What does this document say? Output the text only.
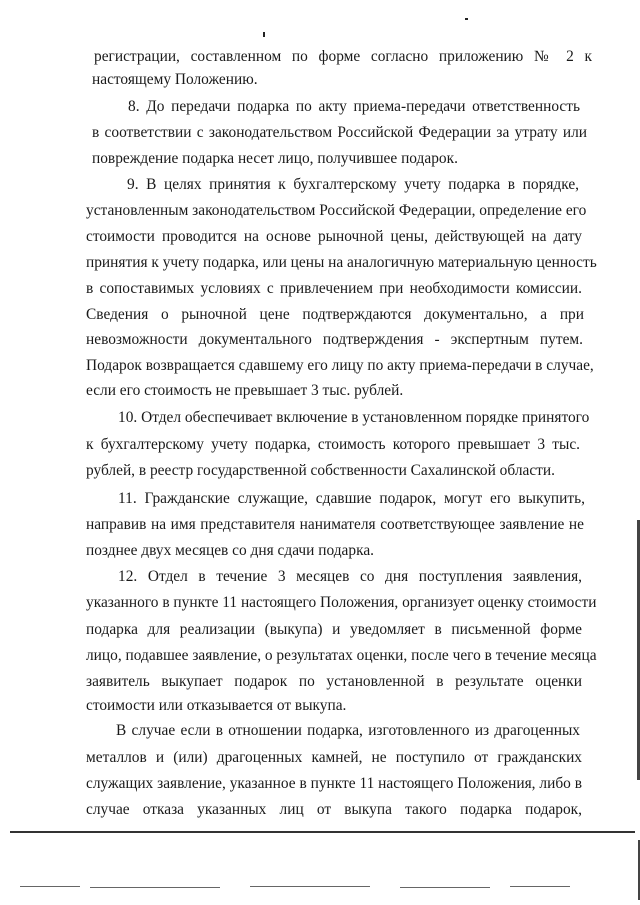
регистрации, составленном по форме согласно приложению № 2 к
настоящему Положению.
8. До передачи подарка по акту приема-передачи ответственность
в соответствии с законодательством Российской Федерации за утрату или
повреждение подарка несет лицо, получившее подарок.
9. В целях принятия к бухгалтерскому учету подарка в порядке,
установленным законодательством Российской Федерации, определение его
стоимости проводится на основе рыночной цены, действующей на дату
принятия к учету подарка, или цены на аналогичную материальную ценность
в сопоставимых условиях с привлечением при необходимости комиссии.
Сведения о рыночной цене подтверждаются документально, а при
невозможности документального подтверждения - экспертным путем.
Подарок возвращается сдавшему его лицу по акту приема-передачи в случае,
если его стоимость не превышает 3 тыс. рублей.
10. Отдел обеспечивает включение в установленном порядке принятого
к бухгалтерскому учету подарка, стоимость которого превышает 3 тыс.
рублей, в реестр государственной собственности Сахалинской области.
11. Гражданские служащие, сдавшие подарок, могут его выкупить,
направив на имя представителя нанимателя соответствующее заявление не
позднее двух месяцев со дня сдачи подарка.
12. Отдел в течение 3 месяцев со дня поступления заявления,
указанного в пункте 11 настоящего Положения, организует оценку стоимости
подарка для реализации (выкупа) и уведомляет в письменной форме
лицо, подавшее заявление, о результатах оценки, после чего в течение месяца
заявитель выкупает подарок по установленной в результате оценки
стоимости или отказывается от выкупа.
В случае если в отношении подарка, изготовленного из драгоценных
металлов и (или) драгоценных камней, не поступило от гражданских
служащих заявление, указанное в пункте 11 настоящего Положения, либо в
случае отказа указанных лиц от выкупа такого подарка подарок,
